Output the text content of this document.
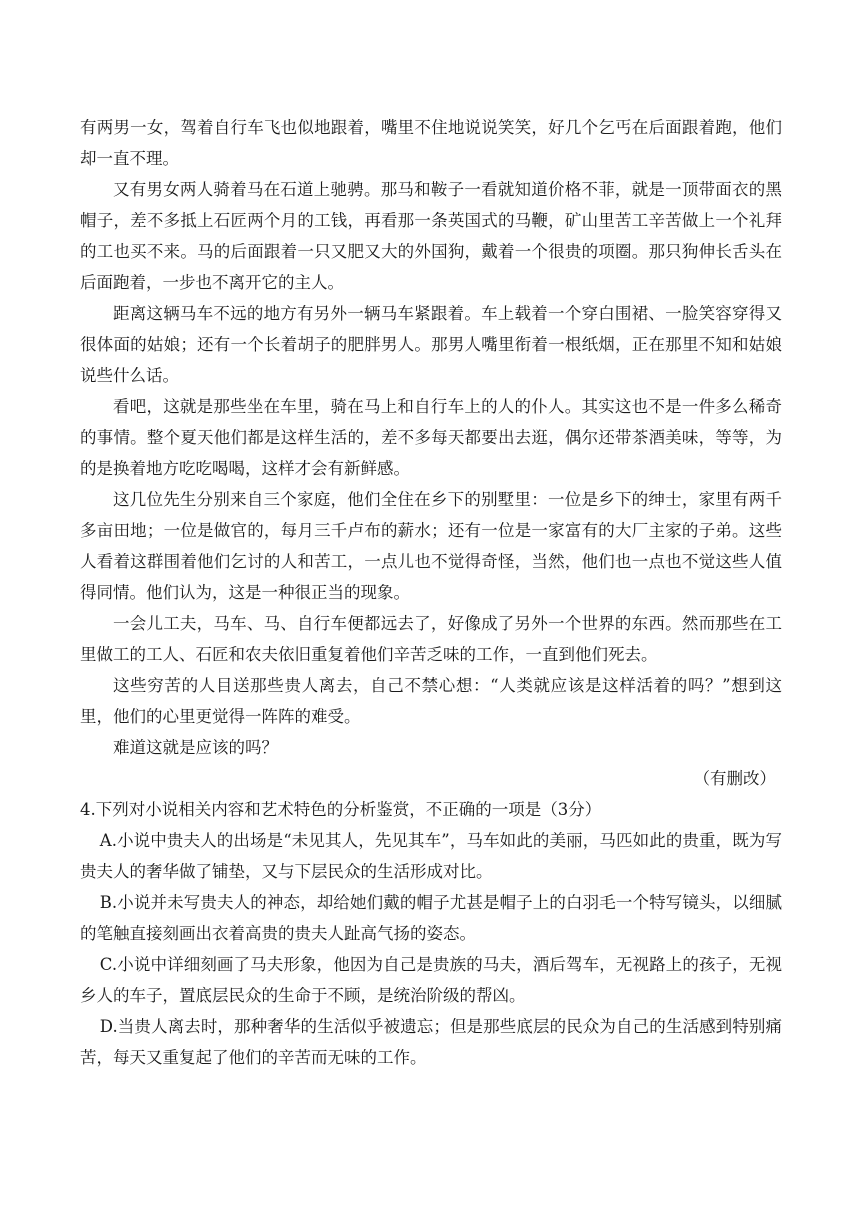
有两男一女，驾着自行车飞也似地跟着，嘴里不住地说说笑笑，好几个乞丐在后面跟着跑，他们却一直不理。

又有男女两人骑着马在石道上驰骋。那马和鞍子一看就知道价格不菲，就是一顶带面衣的黑帽子，差不多抵上石匠两个月的工钱，再看那一条英国式的马鞭，矿山里苦工辛苦做上一个礼拜的工也买不来。马的后面跟着一只又肥又大的外国狗，戴着一个很贵的项圈。那只狗伸长舌头在后面跑着，一步也不离开它的主人。

距离这辆马车不远的地方有另外一辆马车紧跟着。车上载着一个穿白围裙、一脸笑容穿得又很体面的姑娘；还有一个长着胡子的肥胖男人。那男人嘴里衔着一根纸烟，正在那里不知和姑娘说些什么话。

看吧，这就是那些坐在车里，骑在马上和自行车上的人的仆人。其实这也不是一件多么稀奇的事情。整个夏天他们都是这样生活的，差不多每天都要出去逛，偶尔还带茶酒美味，等等，为的是换着地方吃吃喝喝，这样才会有新鲜感。

这几位先生分别来自三个家庭，他们全住在乡下的别墅里：一位是乡下的绅士，家里有两千多亩田地；一位是做官的，每月三千卢布的薪水；还有一位是一家富有的大厂主家的子弟。这些人看着这群围着他们乞讨的人和苦工，一点儿也不觉得奇怪，当然，他们也一点也不觉这些人值得同情。他们认为，这是一种很正当的现象。

一会儿工夫，马车、马、自行车便都远去了，好像成了另外一个世界的东西。然而那些在工里做工的工人、石匠和农夫依旧重复着他们辛苦乏味的工作，一直到他们死去。

这些穷苦的人目送那些贵人离去，自己不禁心想：“人类就应该是这样活着的吗？”想到这里，他们的心里更觉得一阵阵的难受。

难道这就是应该的吗？

（有删改）

4.下列对小说相关内容和艺术特色的分析鉴赏，不正确的一项是（3分）

A.小说中贵夫人的出场是“未见其人，先见其车”，马车如此的美丽，马匹如此的贵重，既为写贵夫人的奢华做了铺垫，又与下层民众的生活形成对比。

B.小说并未写贵夫人的神态，却给她们戴的帽子尤甚是帽子上的白羽毛一个特写镜头，以细腻的笔触直接刻画出衣着高贵的贵夫人趾高气扬的姿态。

C.小说中详细刻画了马夫形象，他因为自己是贵族的马夫，酒后驾车，无视路上的孩子，无视乡人的车子，置底层民众的生命于不顾，是统治阶级的帮凶。

D.当贵人离去时，那种奢华的生活似乎被遗忘；但是那些底层的民众为自己的生活感到特别痛苦，每天又重复起了他们的辛苦而无味的工作。
